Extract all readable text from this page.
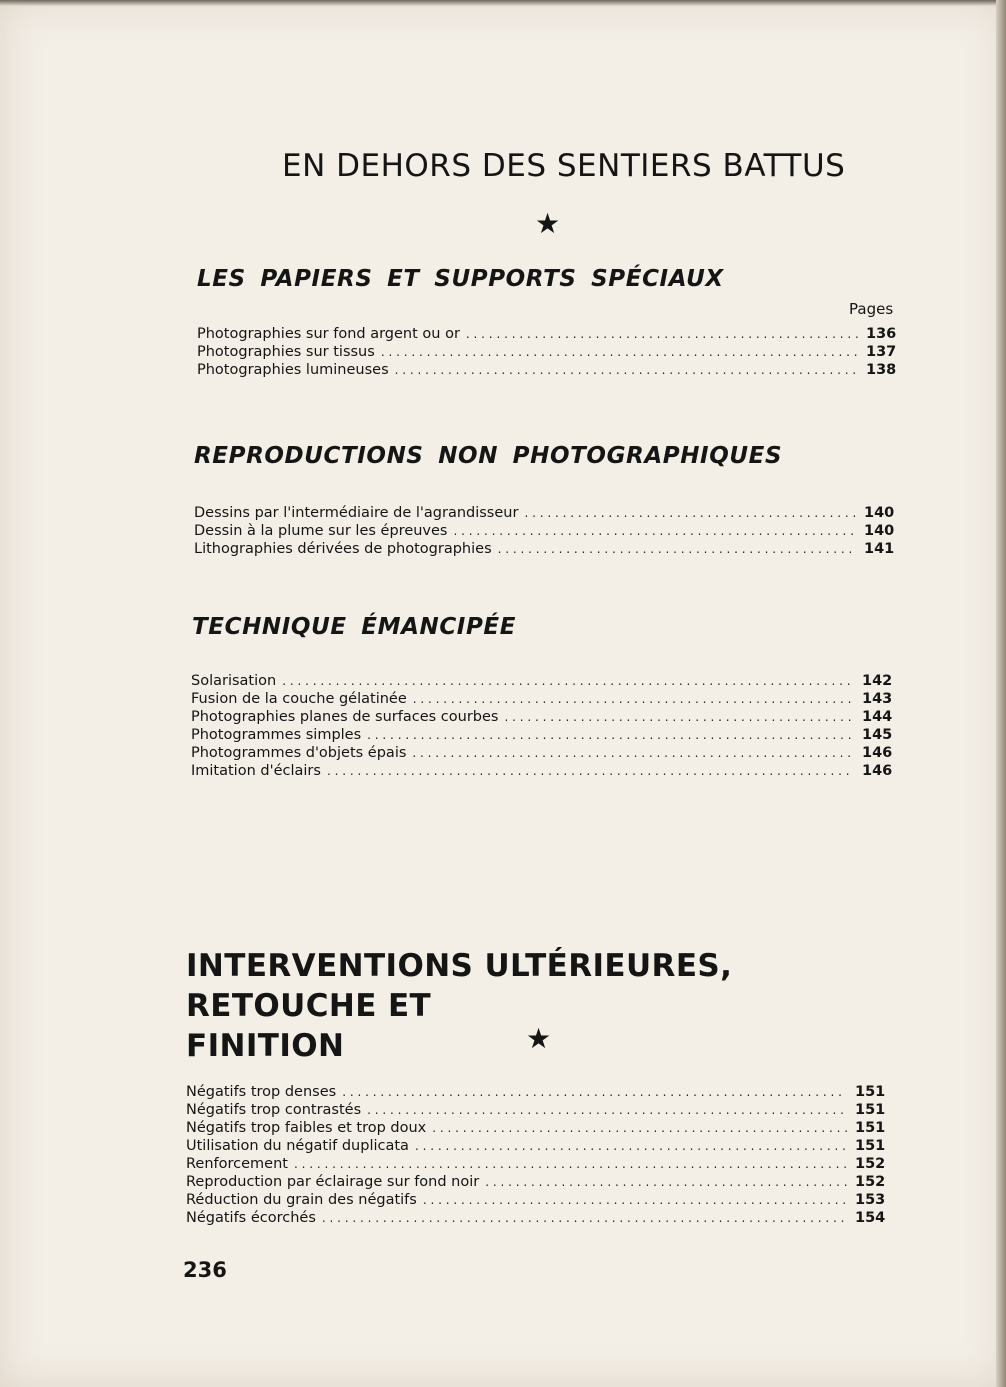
EN DEHORS DES SENTIERS BATTUS
★
LES PAPIERS ET SUPPORTS SPÉCIAUX
Pages
Photographies sur fond argent ou or . . .	136
Photographies sur tissus . . .	137
Photographies lumineuses . . .	138
REPRODUCTIONS NON PHOTOGRAPHIQUES
Dessins par l'intermédiaire de l'agrandisseur . . .	140
Dessin à la plume sur les épreuves . . .	140
Lithographies dérivées de photographies . . .	141
TECHNIQUE ÉMANCIPÉE
Solarisation . . .	142
Fusion de la couche gélatinée . . .	143
Photographies planes de surfaces courbes . . .	144
Photogrammes simples . . .	145
Photogrammes d'objets épais . . .	146
Imitation d'éclairs . . .	146
INTERVENTIONS ULTÉRIEURES, RETOUCHE ET
FINITION	★
Négatifs trop denses . . .	151
Négatifs trop contrastés . . .	151
Négatifs trop faibles et trop doux . . .	151
Utilisation du négatif duplicata . . .	151
Renforcement . . .	152
Reproduction par éclairage sur fond noir . . .	152
Réduction du grain des négatifs . . .	153
Négatifs écorchés . . .	154
236
